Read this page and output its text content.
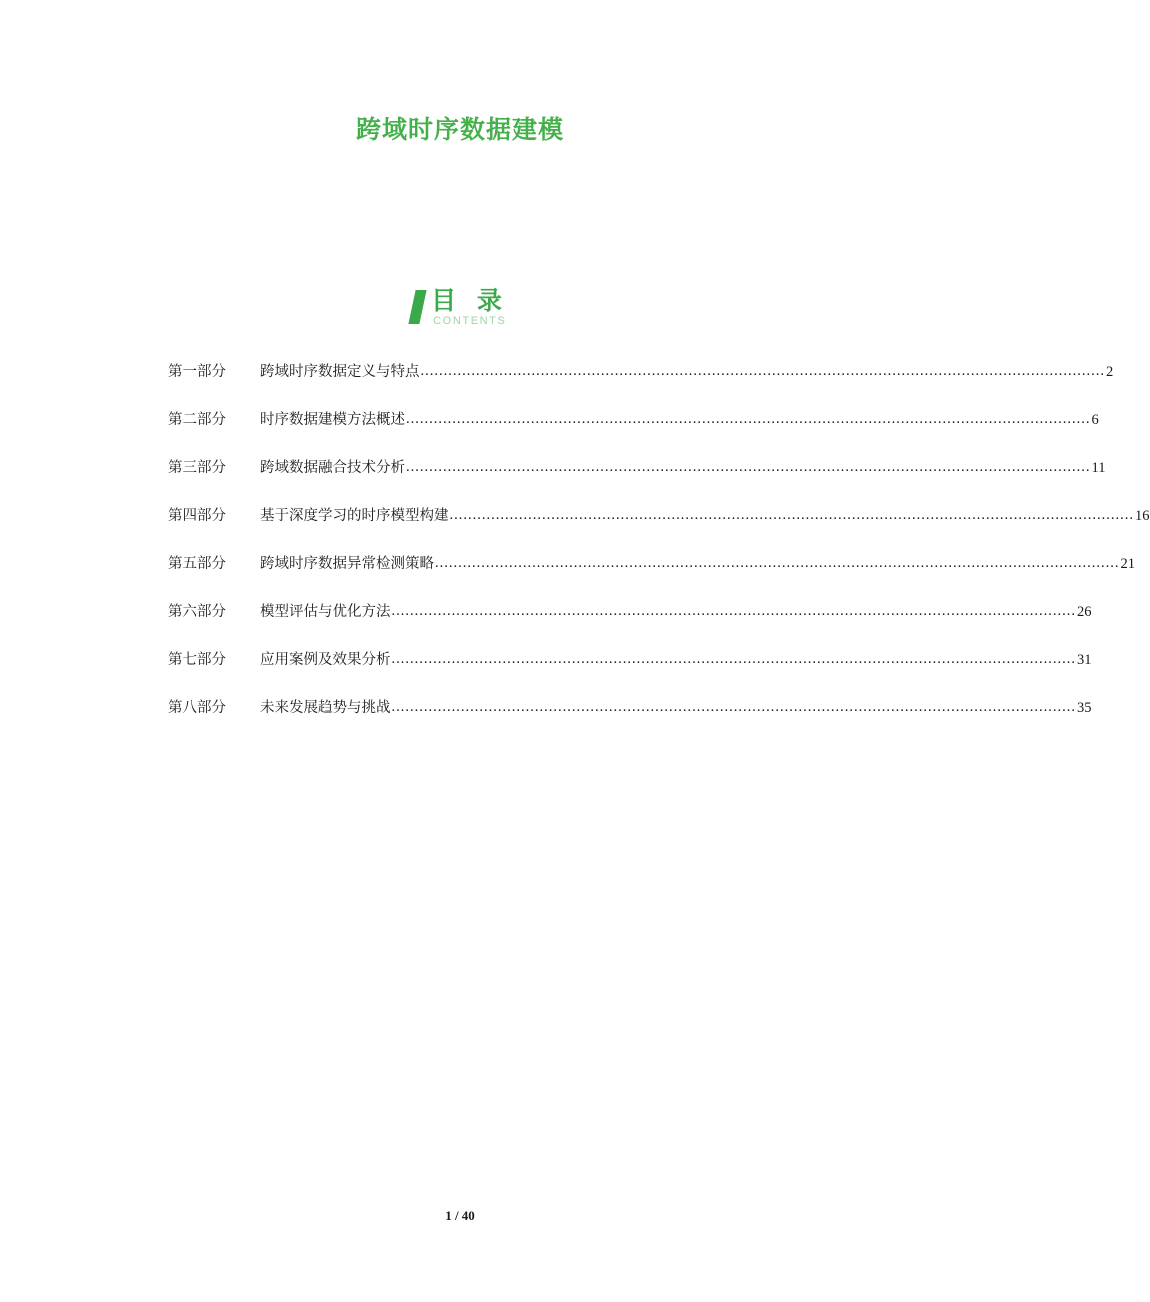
跨域时序数据建模
目 录
CONTENTS
第一部分	跨域时序数据定义与特点 .................................................................................................................................................... 2
第二部分	时序数据建模方法概述 .................................................................................................................................................... 6
第三部分	跨域数据融合技术分析 .................................................................................................................................................... 11
第四部分	基于深度学习的时序模型构建 .................................................................................................................................................... 16
第五部分	跨域时序数据异常检测策略 .................................................................................................................................................... 21
第六部分	模型评估与优化方法 .................................................................................................................................................... 26
第七部分	应用案例及效果分析 .................................................................................................................................................... 31
第八部分	未来发展趋势与挑战 .................................................................................................................................................... 35
1 / 40
